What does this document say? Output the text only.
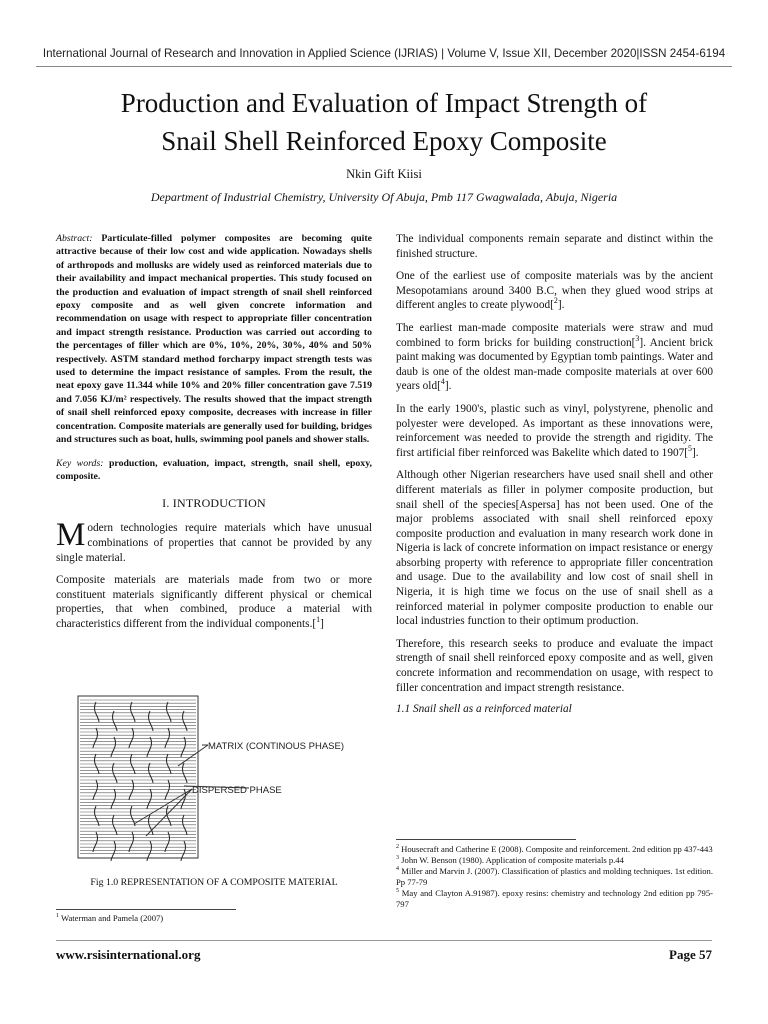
International Journal of Research and Innovation in Applied Science (IJRIAS) | Volume V, Issue XII, December 2020|ISSN 2454-6194
Production and Evaluation of Impact Strength of
Snail Shell Reinforced Epoxy Composite
Nkin Gift Kiisi
Department of Industrial Chemistry, University Of Abuja, Pmb 117 Gwagwalada, Abuja, Nigeria

Abstract: Particulate-filled polymer composites are becoming quite attractive because of their low cost and wide application. Nowadays shells of arthropods and mollusks are widely used as reinforced materials due to their availability and impact mechanical properties. This study focused on the production and evaluation of impact strength of snail shell reinforced epoxy composite and as well given concrete information and recommendation on usage with respect to appropriate filler concentration and impact strength resistance. Production was carried out according to the percentages of filler which are 0%, 10%, 20%, 30%, 40% and 50% respectively. ASTM standard method forcharpy impact strength tests was used to determine the impact resistance of samples. From the result, the neat epoxy gave 11.344 while 10% and 20% filler concentration gave 7.519 and 7.056 KJ/m² respectively. The results showed that the impact strength of snail shell reinforced epoxy composite, decreases with increase in filler concentration. Composite materials are generally used for building, bridges and structures such as boat, hulls, swimming pool panels and shower stalls.

Key words: production, evaluation, impact, strength, snail shell, epoxy, composite.

I. INTRODUCTION

Modern technologies require materials which have unusual combinations of properties that cannot be provided by any single material.

Composite materials are materials made from two or more constituent materials significantly different physical or chemical properties, that when combined, produce a material with characteristics different from the individual components.[$^1$]

MATRIX (CONTINOUS PHASE)
DISPERSED PHASE
Fig 1.0 REPRESENTATION OF A COMPOSITE MATERIAL
$^1$ Waterman and Pamela (2007)

The individual components remain separate and distinct within the finished structure.

One of the earliest use of composite materials was by the ancient Mesopotamians around 3400 B.C, when they glued wood strips at different angles to create plywood[$^2$].

The earliest man-made composite materials were straw and mud combined to form bricks for building construction[$^3$]. Ancient brick paint making was documented by Egyptian tomb paintings. Water and daub is one of the oldest man-made composite materials at over 600 years old[$^4$].

In the early 1900's, plastic such as vinyl, polystyrene, phenolic and polyester were developed. As important as these innovations were, reinforcement was needed to provide the strength and rigidity. The first artificial fiber reinforced was Bakelite which dated to 1907[$^5$].

Although other Nigerian researchers have used snail shell and other different materials as filler in polymer composite production, but snail shell of the species[Aspersa] has not been used. One of the major problems associated with snail shell reinforced epoxy composite production and evaluation in many research work done in Nigeria is lack of concrete information on impact resistance or energy absorbing property with reference to appropriate filler concentration and usage. Due to the availability and low cost of snail shell in Nigeria, it is high time we focus on the use of snail shell as a reinforced material in polymer composite production to enable our local industries function to their optimum production.

Therefore, this research seeks to produce and evaluate the impact strength of snail shell reinforced epoxy composite and as well, given concrete information and recommendation on usage, with respect to filler concentration and impact strength resistance.

1.1 Snail shell as a reinforced material
$^2$ Housecraft and Catherine E (2008). Composite and reinforcement. 2nd edition pp 437-443
$^3$ John W. Benson (1980). Application of composite materials p.44
$^4$ Miller and Marvin J. (2007). Classification of plastics and molding techniques. 1st edition. Pp 77-79
$^5$ May and Clayton A.91987). epoxy resins: chemistry and technology 2nd edition pp 795-797
www.rsisinternational.org	Page 57
